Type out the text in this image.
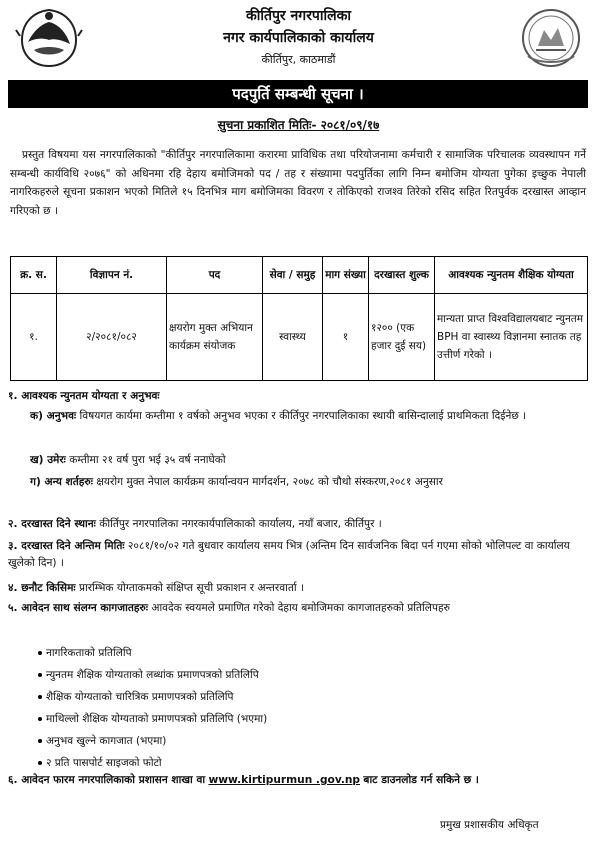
कीर्तिपुर नगरपालिका
नगर कार्यपालिकाको कार्यालय
कीर्तिपुर, काठमाडौं
पदपुर्ति सम्बन्धी सूचना ।
सुचना प्रकाशित मितिः- २०८१/०९/१७
प्रस्तुत विषयमा यस नगरपालिकाको "कीर्तिपुर नगरपालिकामा करारमा प्राविधिक तथा परियोजनामा कर्मचारी र सामाजिक परिचालक व्यवस्थापन गर्ने सम्बन्धी कार्यविधि २०७६" को अधिनमा रहि देहाय बमोजिमको पद / तह र संख्यामा पदपुर्तिका लागि निम्न बमोजिम योग्यता पुगेका इच्छुक नेपाली नागरिकहरुले सूचना प्रकाशन भएको मितिले १५ दिनभित्र माग बमोजिमका विवरण र तोकिएको राजश्व तिरेको रसिद सहित रितपुर्वक दरखास्त आव्हान गरिएको छ ।
क्र. स.	विज्ञापन नं.	पद	सेवा / समुह	माग संख्या	दरखास्त शुल्क	आवश्यक न्युनतम शैक्षिक योग्यता
१.	२/२०८१/०८२	क्षयरोग मुक्त अभियान कार्यक्रम संयोजक	स्वास्थ्य	१	१२०० (एक हजार दुई सय)	मान्यता प्राप्त विश्वविद्यालयबाट न्युनतम BPH वा स्वास्थ्य विज्ञानमा स्नातक तह उत्तीर्ण गरेको ।
१. आवश्यक न्युनतम योग्यता र अनुभवः
क) अनुभवः विषयगत कार्यमा कम्तीमा १ वर्षको अनुभव भएका र कीर्तिपुर नगरपालिकाका स्थायी बासिन्दालाई प्राथमिकता दिईनेछ ।
ख) उमेरः कम्तीमा २१ वर्ष पुरा भई ३५ वर्ष ननाघेको
ग) अन्य शर्तहरुः क्षयरोग मुक्त नेपाल कार्यक्रम कार्यान्वयन मार्गदर्शन, २०७८ को चौथो संस्करण,२०८१ अनुसार
२. दरखास्त दिने स्थानः कीर्तिपुर नगरपालिका नगरकार्यपालिकाको कार्यालय, नयाँ बजार, कीर्तिपुर ।
३. दरखास्त दिने अन्तिम मितिः २०८१/१०/०२ गते बुधवार कार्यालय समय भित्र (अन्तिम दिन सार्वजनिक बिदा पर्न गएमा सोको भोलिपल्ट वा कार्यालय खुलेको दिन) ।
४. छनौट किसिमः प्रारम्भिक योग्ताकमको संक्षिप्त सूची प्रकाशन र अन्तरवार्ता ।
५. आवेदन साथ संलग्न कागजातहरुः आवदेक स्वयमले प्रमाणित गरेको देहाय बमोजिमका कागजातहरुको प्रतिलिपहरु
नागरिकताको प्रतिलिपि
न्युनतम शैक्षिक योग्यताको लब्धांक प्रमाणपत्रको प्रतिलिपि
शैक्षिक योग्यताको चारित्रिक प्रमाणपत्रको प्रतिलिपि
माथिल्लो शैक्षिक योग्यताको प्रमाणपत्रको प्रतिलिपि (भएमा)
अनुभव खुल्ने कागजात (भएमा)
२ प्रति पासपोर्ट साइजको फोटो
६. आवेदन फारम नगरपालिकाको प्रशासन शाखा वा www.kirtipurmun .gov.np बाट डाउनलोड गर्न सकिने छ ।
प्रमुख प्रशासकीय अधिकृत
